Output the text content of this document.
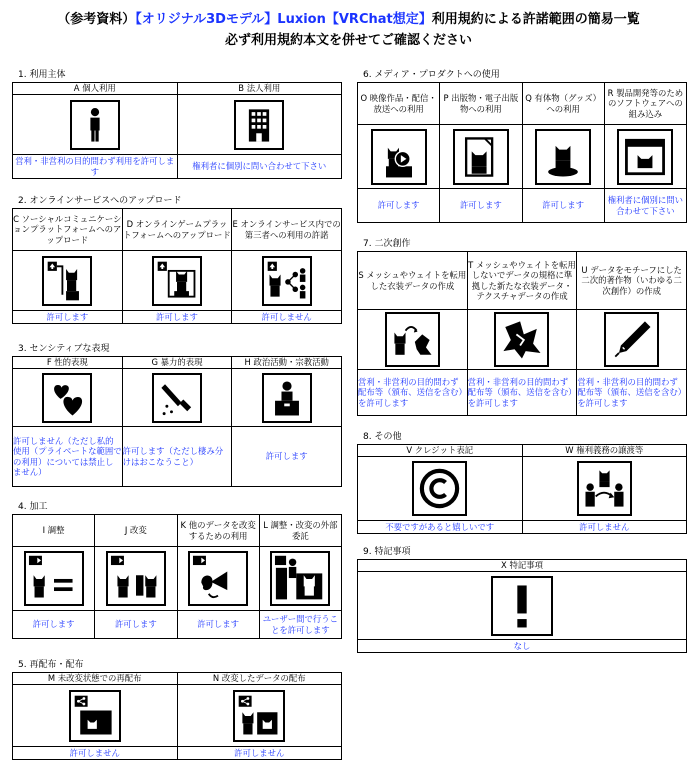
（参考資料）【オリジナル3Dモデル】Luxion【VRChat想定】利用規約による許諾範囲の簡易一覧
必ず利用規約本文を併せてご確認ください
1. 利用主体
A 個人利用	B 法人利用

営利・非営利の目的問わず利用を許可します	権利者に個別に問い合わせて下さい
2. オンラインサービスへのアップロード
C ソーシャルコミュニケーションプラットフォームへのアップロード	D オンラインゲームプラットフォームへのアップロード	E オンラインサービス内での第三者への利用の許諾

許可します	許可します	許可しません
3. センシティブな表現
F 性的表現	G 暴力的表現	H 政治活動・宗教活動

許可しません（ただし私的使用（プライベートな範囲での利用）については禁止しません）	許可します（ただし棲み分けはおこなうこと）	許可します
4. 加工
I 調整	J 改変	K 他のデータを改変するための利用	L 調整・改変の外部委託

許可します	許可します	許可します	ユーザー間で行うことを許可します
5. 再配布・配布
M 未改変状態での再配布	N 改変したデータの配布

許可しません	許可しません
6. メディア・プロダクトへの使用
O 映像作品・配信・放送への利用	P 出版物・電子出版物への利用	Q 有体物（グッズ）への利用	R 製品開発等のためのソフトウェアへの組み込み

許可します	許可します	許可します	権利者に個別に問い合わせて下さい
7. 二次創作
S メッシュやウェイトを転用した衣装データの作成	T メッシュやウェイトを転用しないでデータの規格に準拠した新たな衣装データ・テクスチャデータの作成	U データをモチーフにした二次的著作物（いわゆる二次創作）の作成

営利・非営利の目的問わず配布等（頒布、送信を含む）を許可します	営利・非営利の目的問わず配布等（頒布、送信を含む）を許可します	営利・非営利の目的問わず配布等（頒布、送信を含む）を許可します
8. その他
V クレジット表記	W 権利義務の譲渡等

不要ですがあると嬉しいです	許可しません
9. 特記事項
X 特記事項

なし
